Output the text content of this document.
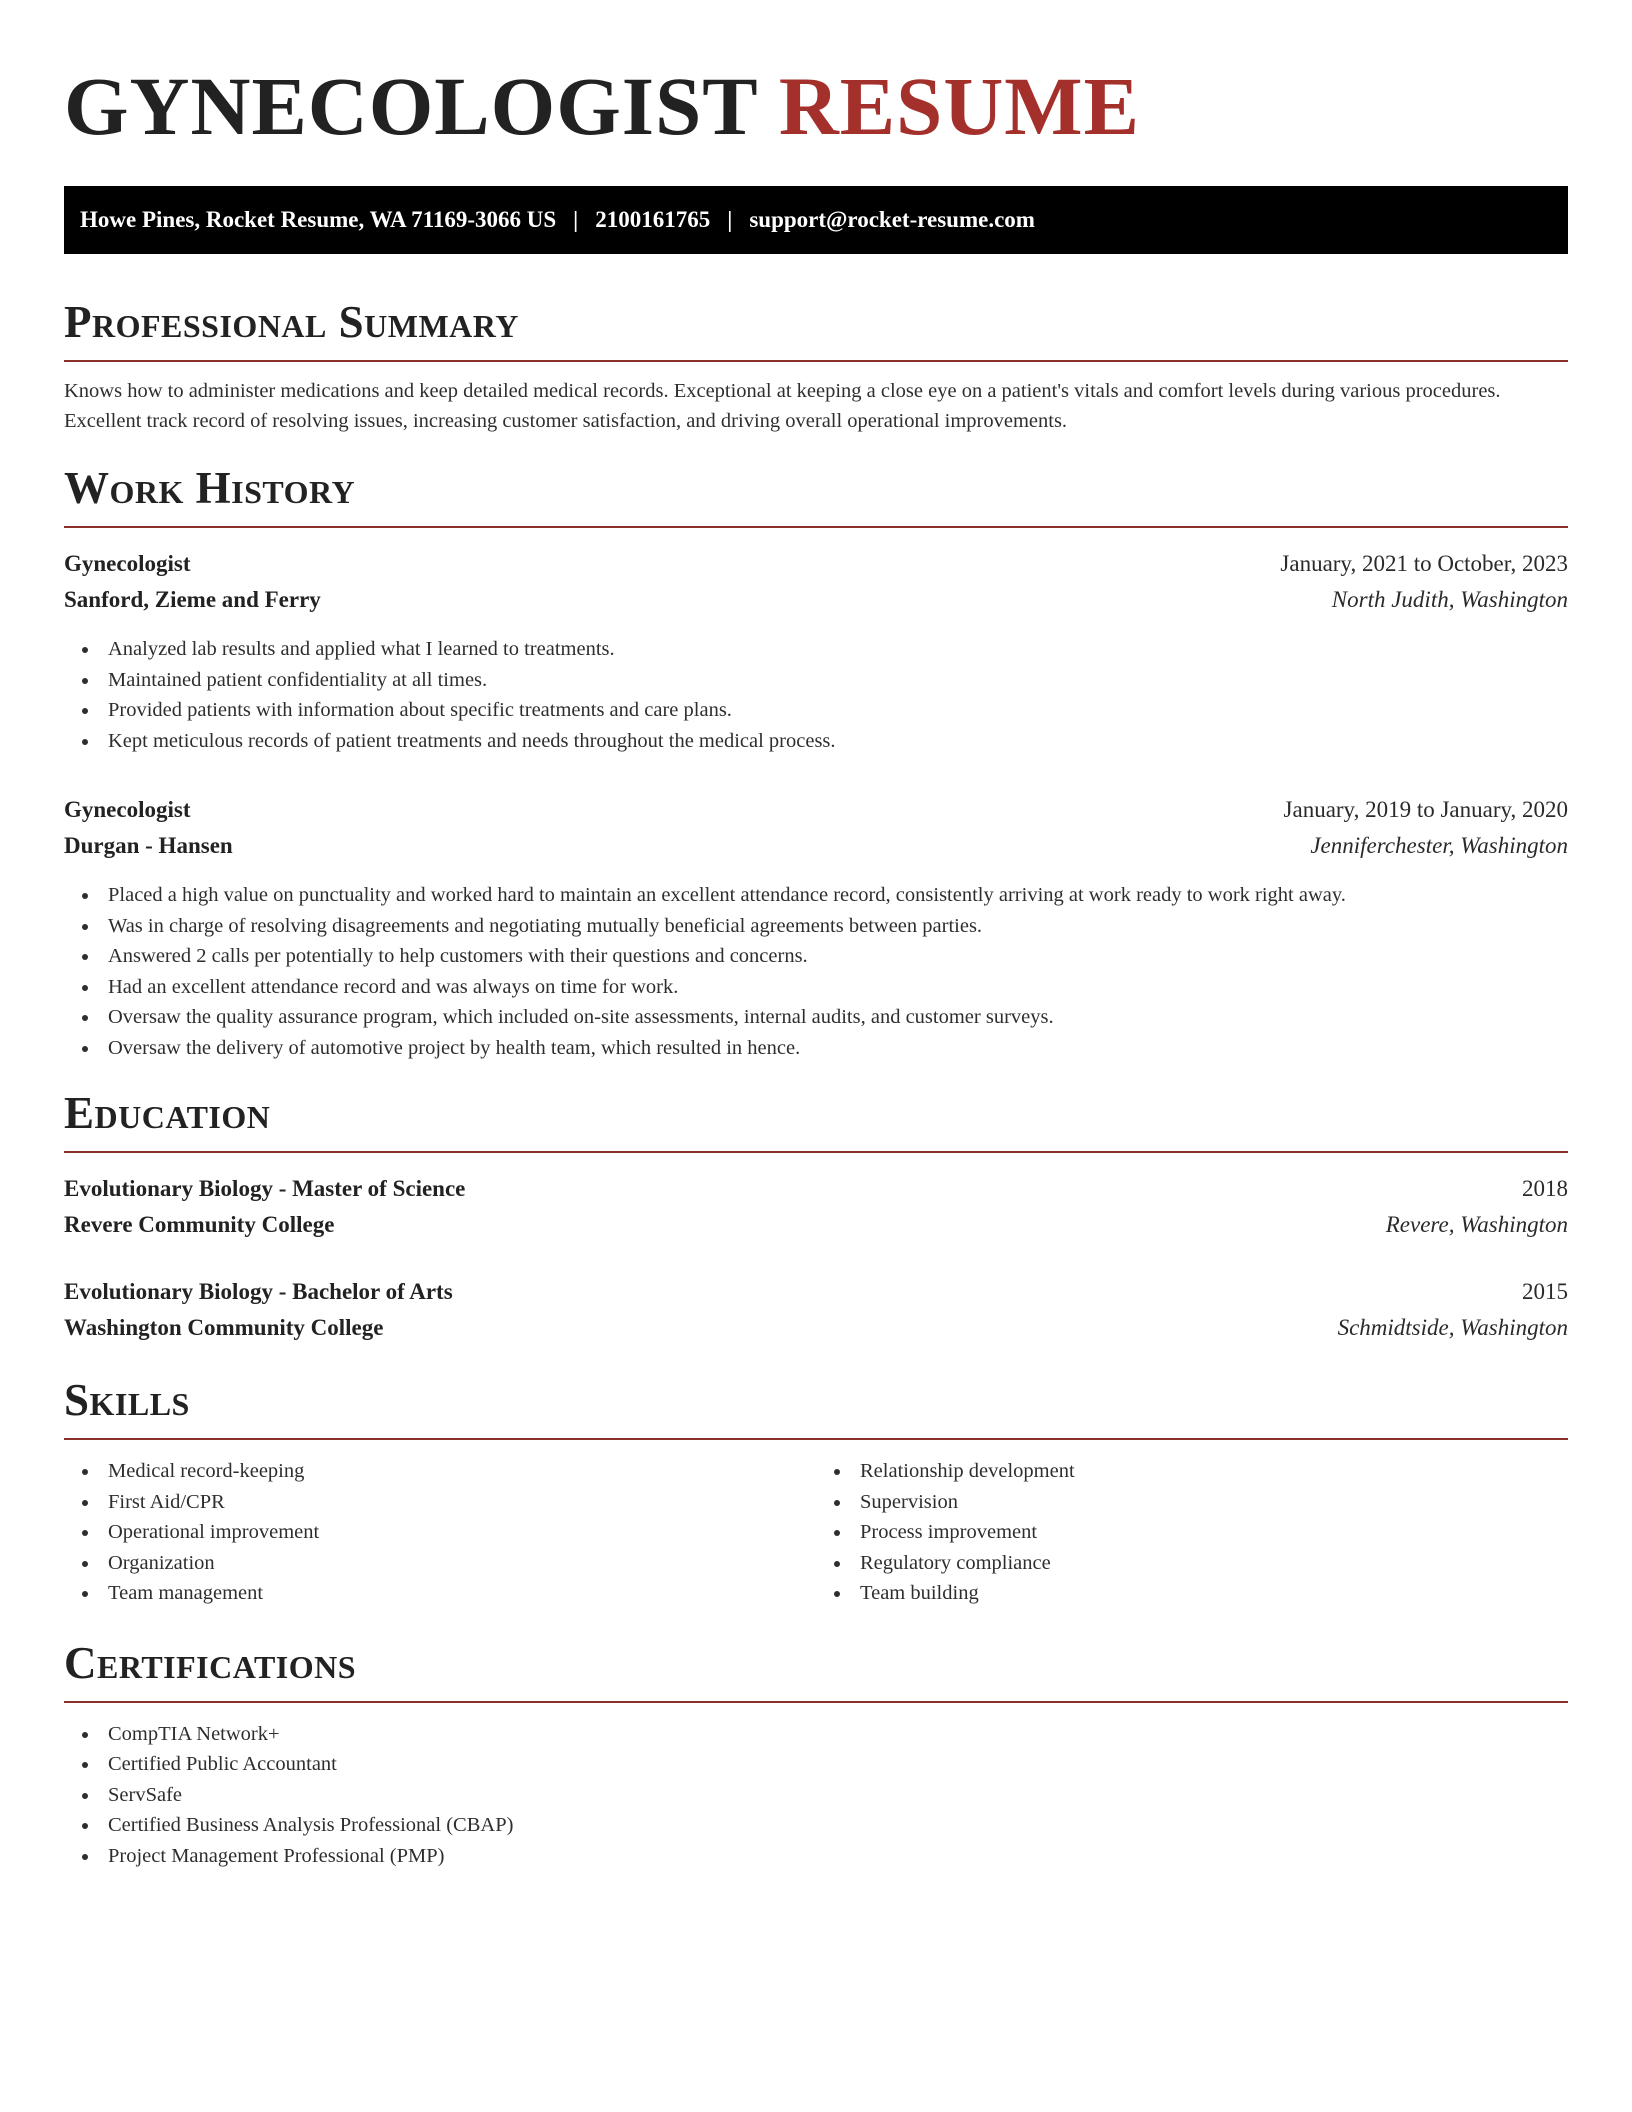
GYNECOLOGIST RESUME
Howe Pines, Rocket Resume, WA 71169-3066 US | 2100161765 | support@rocket-resume.com
Professional Summary

Knows how to administer medications and keep detailed medical records. Exceptional at keeping a close eye on a patient's vitals and comfort levels during various procedures. Excellent track record of resolving issues, increasing customer satisfaction, and driving overall operational improvements.

Work History
Gynecologist	January, 2021 to October, 2023
Sanford, Zieme and Ferry	North Judith, Washington
Analyzed lab results and applied what I learned to treatments.
Maintained patient confidentiality at all times.
Provided patients with information about specific treatments and care plans.
Kept meticulous records of patient treatments and needs throughout the medical process.
Gynecologist	January, 2019 to January, 2020
Durgan - Hansen	Jenniferchester, Washington
Placed a high value on punctuality and worked hard to maintain an excellent attendance record, consistently arriving at work ready to work right away.
Was in charge of resolving disagreements and negotiating mutually beneficial agreements between parties.
Answered 2 calls per potentially to help customers with their questions and concerns.
Had an excellent attendance record and was always on time for work.
Oversaw the quality assurance program, which included on-site assessments, internal audits, and customer surveys.
Oversaw the delivery of automotive project by health team, which resulted in hence.
Education
Evolutionary Biology - Master of Science	2018
Revere Community College	Revere, Washington
Evolutionary Biology - Bachelor of Arts	2015
Washington Community College	Schmidtside, Washington
Skills
Medical record-keeping
First Aid/CPR
Operational improvement
Organization
Team management
Relationship development
Supervision
Process improvement
Regulatory compliance
Team building
Certifications
CompTIA Network+
Certified Public Accountant
ServSafe
Certified Business Analysis Professional (CBAP)
Project Management Professional (PMP)
